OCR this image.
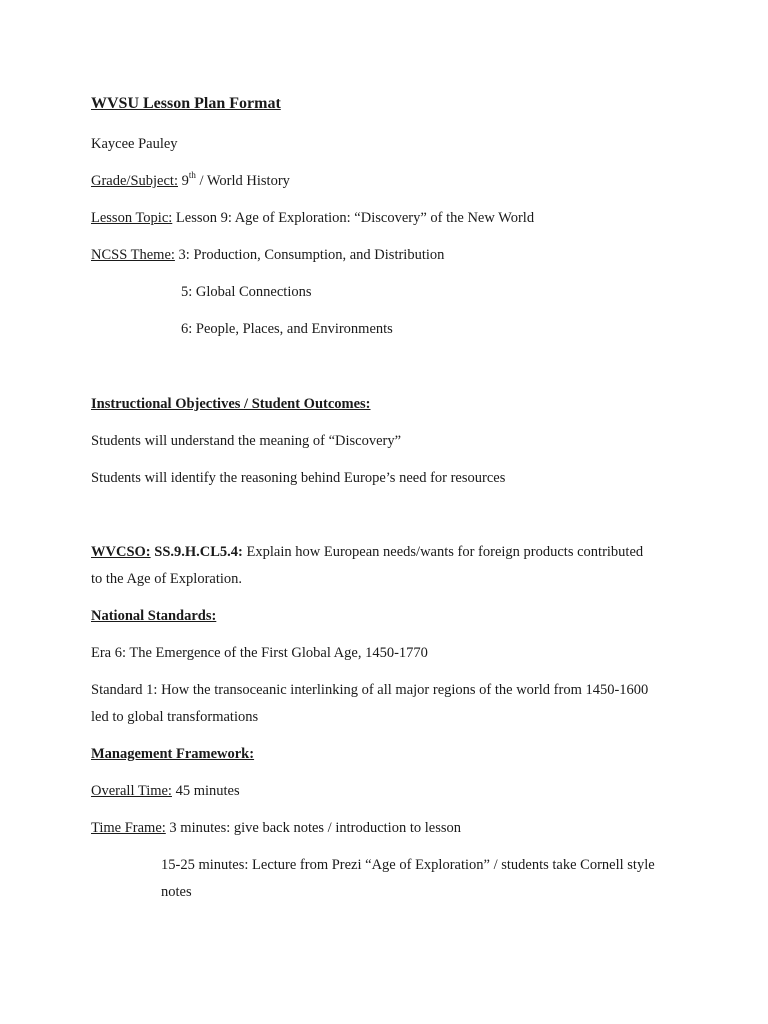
WVSU Lesson Plan Format
Kaycee Pauley
Grade/Subject: 9th / World History
Lesson Topic: Lesson 9: Age of Exploration: “Discovery” of the New World
NCSS Theme: 3: Production, Consumption, and Distribution
5: Global Connections
6: People, Places, and Environments
Instructional Objectives / Student Outcomes:
Students will understand the meaning of “Discovery”
Students will identify the reasoning behind Europe’s need for resources
WVCSO: SS.9.H.CL5.4: Explain how European needs/wants for foreign products contributed
to the Age of Exploration.
National Standards:
Era 6: The Emergence of the First Global Age, 1450-1770
Standard 1: How the transoceanic interlinking of all major regions of the world from 1450-1600
led to global transformations
Management Framework:
Overall Time: 45 minutes
Time Frame: 3 minutes: give back notes / introduction to lesson
15-25 minutes: Lecture from Prezi “Age of Exploration” / students take Cornell style
notes
